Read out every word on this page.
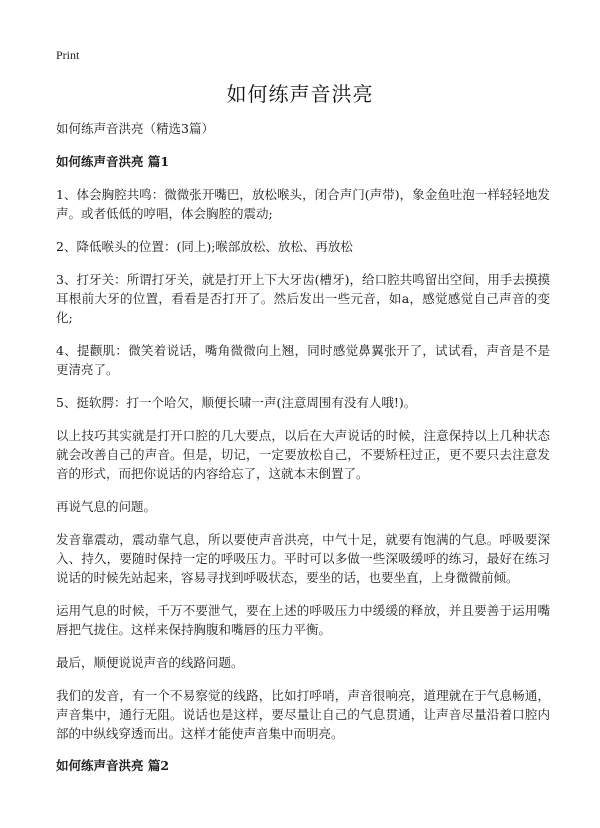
Print
如何练声音洪亮

如何练声音洪亮（精选3篇）

如何练声音洪亮 篇1

1、体会胸腔共鸣：微微张开嘴巴，放松喉头，闭合声门(声带)，象金鱼吐泡一样轻轻地发声。或者低低的哼唱，体会胸腔的震动;

2、降低喉头的位置：(同上);喉部放松、放松、再放松

3、打牙关：所谓打牙关，就是打开上下大牙齿(槽牙)，给口腔共鸣留出空间，用手去摸摸耳根前大牙的位置，看看是否打开了。然后发出一些元音，如a，感觉感觉自己声音的变化;

4、提颧肌：微笑着说话，嘴角微微向上翘，同时感觉鼻翼张开了，试试看，声音是不是更清亮了。

5、挺软腭：打一个哈欠，顺便长啸一声(注意周围有没有人哦!)。

以上技巧其实就是打开口腔的几大要点，以后在大声说话的时候，注意保持以上几种状态就会改善自己的声音。但是，切记，一定要放松自己，不要矫枉过正，更不要只去注意发音的形式，而把你说话的内容给忘了，这就本末倒置了。

再说气息的问题。

发音靠震动，震动靠气息，所以要使声音洪亮，中气十足，就要有饱满的气息。呼吸要深入、持久，要随时保持一定的呼吸压力。平时可以多做一些深吸缓呼的练习，最好在练习说话的时候先站起来，容易寻找到呼吸状态，要坐的话，也要坐直，上身微微前倾。

运用气息的时候，千万不要泄气，要在上述的呼吸压力中缓缓的释放，并且要善于运用嘴唇把气拢住。这样来保持胸腹和嘴唇的压力平衡。

最后，顺便说说声音的线路问题。

我们的发音，有一个不易察觉的线路，比如打呼哨，声音很响亮，道理就在于气息畅通，声音集中，通行无阻。说话也是这样，要尽量让自己的气息贯通，让声音尽量沿着口腔内部的中纵线穿透而出。这样才能使声音集中而明亮。

如何练声音洪亮 篇2
